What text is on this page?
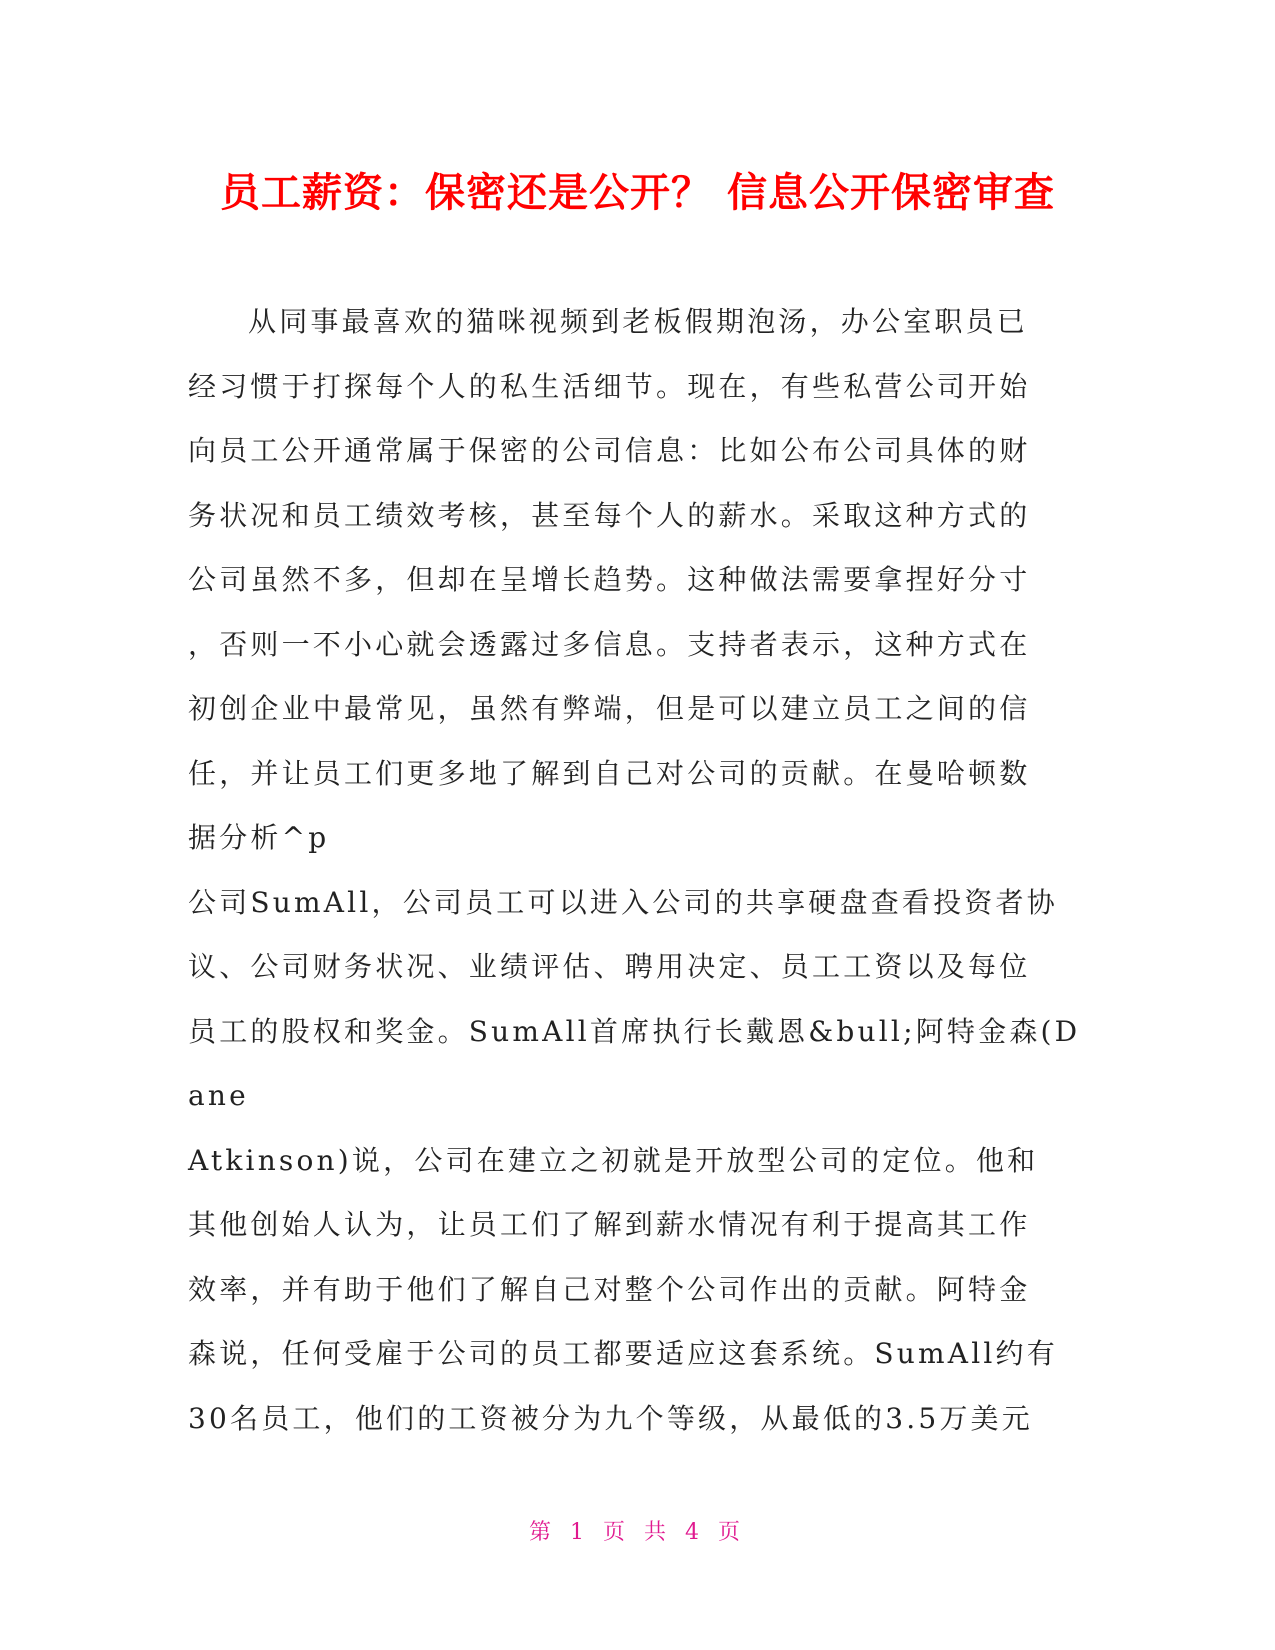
员工薪资：保密还是公开？ 信息公开保密审查
从同事最喜欢的猫咪视频到老板假期泡汤，办公室职员已
经习惯于打探每个人的私生活细节。现在，有些私营公司开始
向员工公开通常属于保密的公司信息：比如公布公司具体的财
务状况和员工绩效考核，甚至每个人的薪水。采取这种方式的
公司虽然不多，但却在呈增长趋势。这种做法需要拿捏好分寸
，否则一不小心就会透露过多信息。支持者表示，这种方式在
初创企业中最常见，虽然有弊端，但是可以建立员工之间的信
任，并让员工们更多地了解到自己对公司的贡献。在曼哈顿数
据分析^p
公司SumAll，公司员工可以进入公司的共享硬盘查看投资者协
议、公司财务状况、业绩评估、聘用决定、员工工资以及每位
员工的股权和奖金。SumAll首席执行长戴恩&bull;阿特金森(D
ane
Atkinson)说，公司在建立之初就是开放型公司的定位。他和
其他创始人认为，让员工们了解到薪水情况有利于提高其工作
效率，并有助于他们了解自己对整个公司作出的贡献。阿特金
森说，任何受雇于公司的员工都要适应这套系统。SumAll约有
30名员工，他们的工资被分为九个等级，从最低的3.5万美元
第 1 页 共 4 页
